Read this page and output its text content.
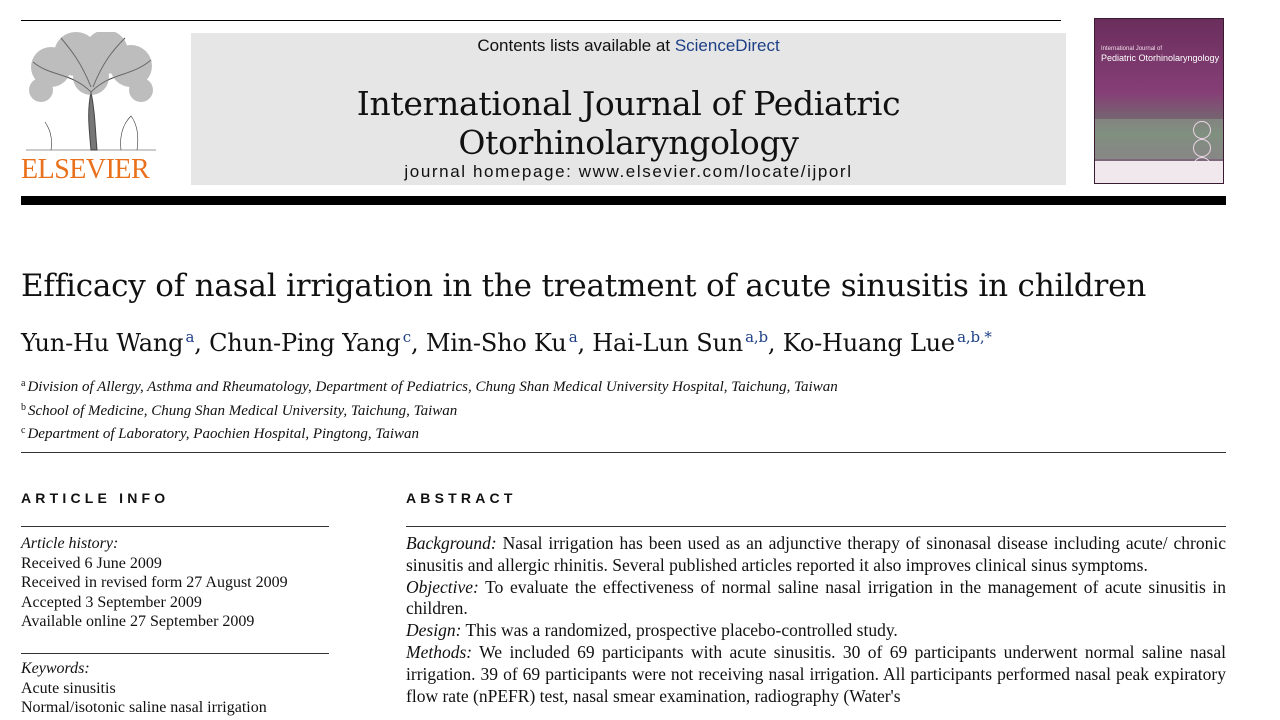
ELSEVIER
Contents lists available at ScienceDirect
International Journal of Pediatric Otorhinolaryngology
journal homepage: www.elsevier.com/locate/ijporl
International Journal of
Pediatric Otorhinolaryngology
Efficacy of nasal irrigation in the treatment of acute sinusitis in children
Yun-Hu Wang  $^a$, Chun-Ping Yang  $^c$, Min-Sho Ku  $^a$, Hai-Lun Sun  $^{a,b}$, Ko-Huang Lue  $^{a,b,*}$
$^a$ Division of Allergy, Asthma and Rheumatology, Department of Pediatrics, Chung Shan Medical University Hospital, Taichung, Taiwan
$^b$ School of Medicine, Chung Shan Medical University, Taichung, Taiwan
$^c$ Department of Laboratory, Paochien Hospital, Pingtong, Taiwan
ARTICLE INFO
Article history:
Received 6 June 2009
Received in revised form 27 August 2009
Accepted 3 September 2009
Available online 27 September 2009
Keywords:
Acute sinusitis
Normal/isotonic saline nasal irrigation
ABSTRACT

Background: Nasal irrigation has been used as an adjunctive therapy of sinonasal disease including acute/ chronic sinusitis and allergic rhinitis. Several published articles reported it also improves clinical sinus symptoms.

Objective: To evaluate the effectiveness of normal saline nasal irrigation in the management of acute sinusitis in children.

Design: This was a randomized, prospective placebo-controlled study.

Methods: We included 69 participants with acute sinusitis. 30 of 69 participants underwent normal saline nasal irrigation. 39 of 69 participants were not receiving nasal irrigation. All participants performed nasal peak expiratory flow rate (nPEFR) test, nasal smear examination, radiography (Water's
